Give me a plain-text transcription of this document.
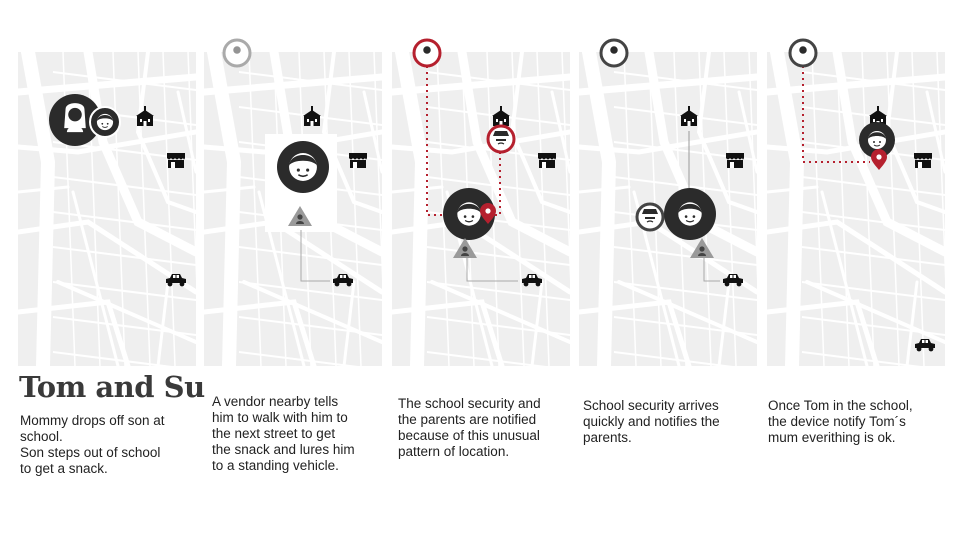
Tom and Su
Mommy drops off son at
school.
Son steps out of school
to get a snack.
A vendor nearby tells
him to walk with him to
the next street to get
the snack and lures him
to a standing vehicle.
The school security and
the parents are notified
because of this unusual
pattern of location.
School security arrives
quickly and notifies the
parents.
Once Tom in the school,
the device notify Tom´s
mum everithing is ok.
